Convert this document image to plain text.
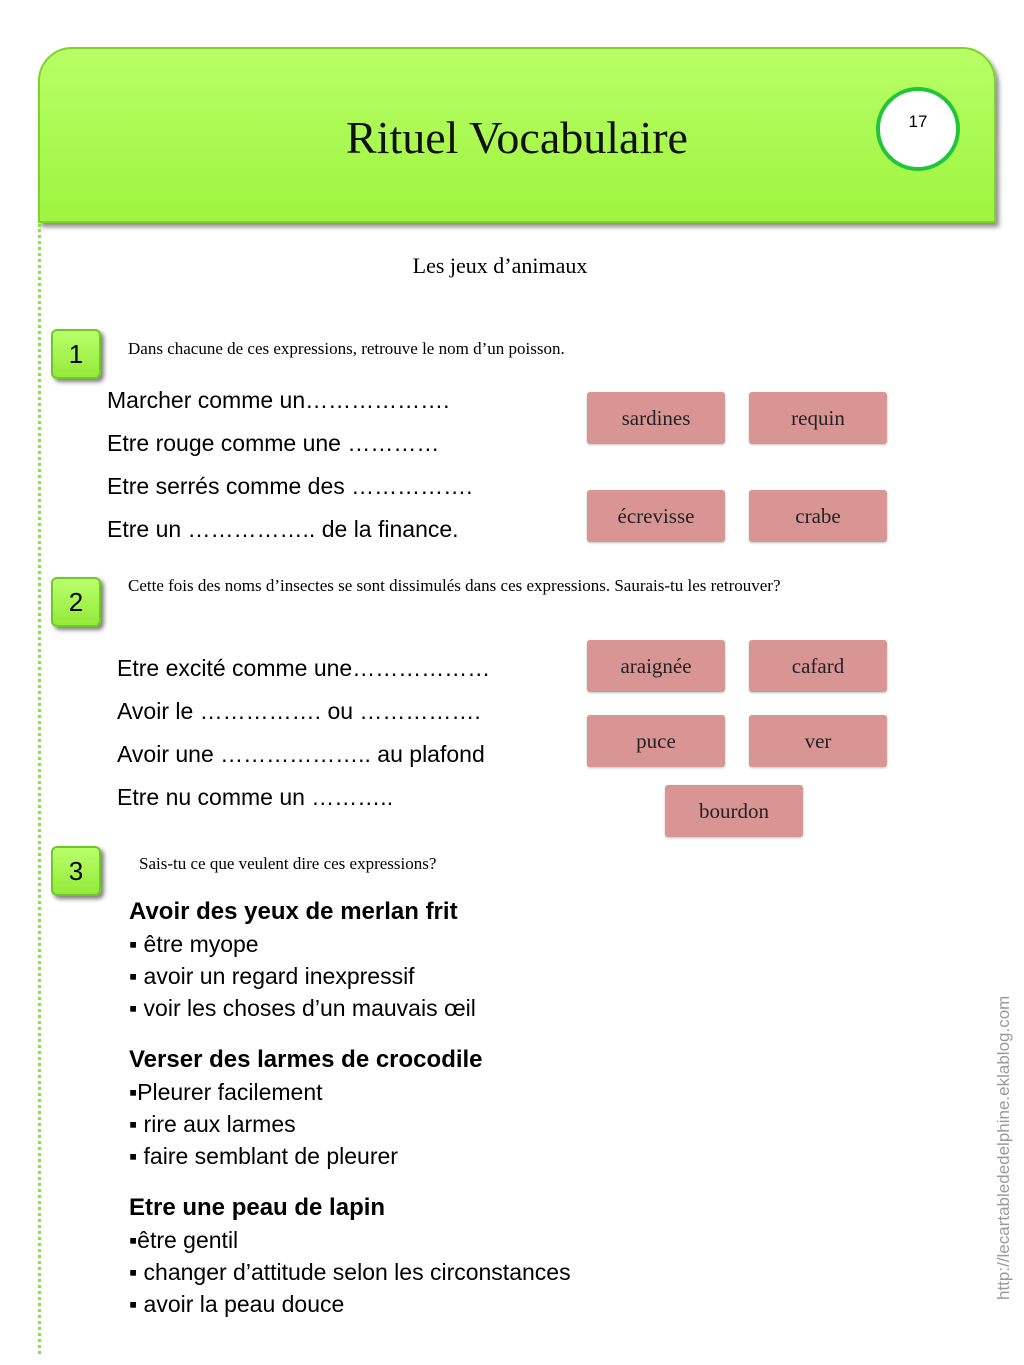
Rituel Vocabulaire	17
Les jeux d’animaux
1	Dans chacune de ces expressions, retrouve le nom d’un poisson.
Marcher comme un……………….
Etre rouge comme une …………
Etre serrés comme des …………….
Etre un …………….. de la finance.
sardines	requin
écrevisse	crabe
2
Cette fois des noms d’insectes se sont dissimulés dans ces expressions. Saurais-tu les retrouver?
Etre excité comme une………………
Avoir le ……………. ou …………….
Avoir une ……………….. au plafond
Etre nu comme un ………..
araignée	cafard
puce	ver
bourdon
3	Sais-tu ce que veulent dire ces expressions?
Avoir des yeux de merlan frit
▪ être myope
▪ avoir un regard inexpressif
▪ voir les choses d’un mauvais œil
Verser des larmes de crocodile
▪Pleurer facilement
▪ rire aux larmes
▪ faire semblant de pleurer
Etre une peau de lapin
▪être gentil
▪ changer d’attitude selon les circonstances
▪ avoir la peau douce
http://lecartablededelphine.eklablog.com
